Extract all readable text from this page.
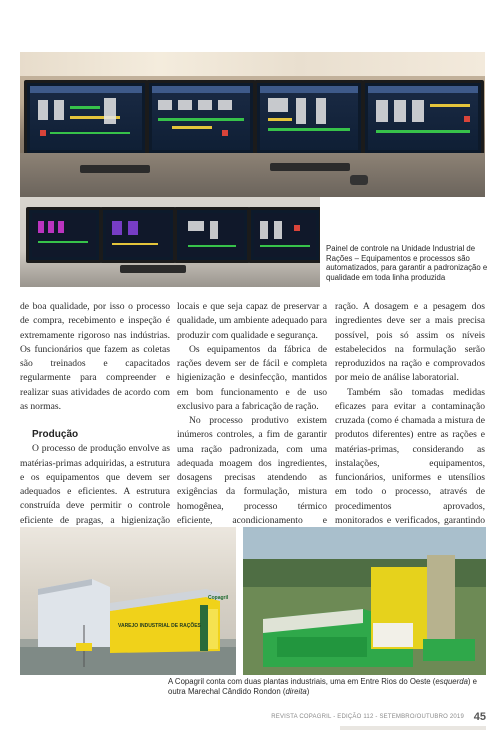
Painel de controle na Unidade Industrial de Rações – Equipamentos e processos são automatizados, para garantir a padronização e qualidade em toda linha produzida

de boa qualidade, por isso o processo de compra, recebimento e inspeção é extremamente rigoroso nas indústrias. Os funcionários que fazem as coletas são treinados e capacitados regularmente para compreender e realizar suas atividades de acordo com as normas.

Produção

O processo de produção envolve as matérias-primas adquiridas, a estrutura e os equipamentos que devem ser adequados e eficientes. A estrutura construída deve permitir o controle eficiente de pragas, a higienização

locais e que seja capaz de preservar a qualidade, um ambiente adequado para produzir com qualidade e segurança.

Os equipamentos da fábrica de rações devem ser de fácil e completa higienização e desinfecção, mantidos em bom funcionamento e de uso exclusivo para a fabricação de ração.

No processo produtivo existem inúmeros controles, a fim de garantir uma ração padronizada, com uma adequada moagem dos ingredientes, dosagens precisas atendendo as exigências da formulação, mistura homogênea, processo térmico eficiente, acondicionamento e

ração. A dosagem e a pesagem dos ingredientes deve ser a mais precisa possível, pois só assim os níveis estabelecidos na formulação serão reproduzidos na ração e comprovados por meio de análise laboratorial.

Também são tomadas medidas eficazes para evitar a contaminação cruzada (como é chamada a mistura de produtos diferentes) entre as rações e matérias-primas, considerando as instalações, equipamentos, funcionários, uniformes e utensílios em todo o processo, através de procedimentos aprovados, monitorados e verificados, garantindo

VAREJO INDUSTRIAL DE RAÇÕES
Copagril
A Copagril conta com duas plantas industriais, uma em Entre Rios do Oeste (esquerda) e outra Marechal Cândido Rondon (direita)
REVISTA COPAGRIL - EDIÇÃO 112 - SETEMBRO/OUTUBRO 2019 45
